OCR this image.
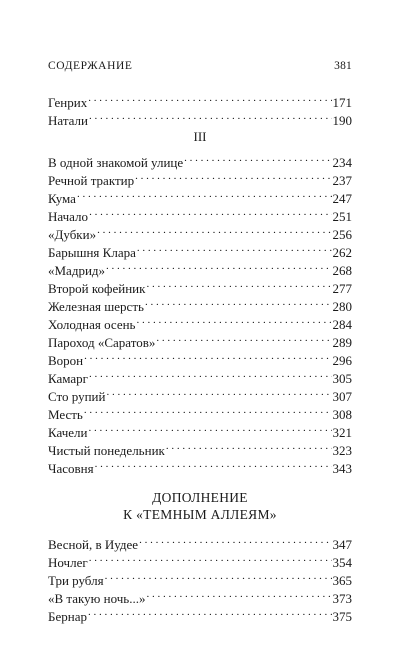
СОДЕРЖАНИЕ	381
Генрих . . .	171
Натали . . .	190
III
В одной знакомой улице . . .	234
Речной трактир . . .	237
Кума . . .	247
Начало . . .	251
«Дубки» . . .	256
Барышня Клара . . .	262
«Мадрид» . . .	268
Второй кофейник . . .	277
Железная шерсть . . .	280
Холодная осень . . .	284
Пароход «Саратов» . . .	289
Ворон . . .	296
Камарг . . .	305
Сто рупий . . .	307
Месть . . .	308
Качели . . .	321
Чистый понедельник . . .	323
Часовня . . .	343
ДОПОЛНЕНИЕ
К «ТЕМНЫМ АЛЛЕЯМ»
Весной, в Иудее . . .	347
Ночлег . . .	354
Три рубля . . .	365
«В такую ночь...» . . .	373
Бернар . . .	375
